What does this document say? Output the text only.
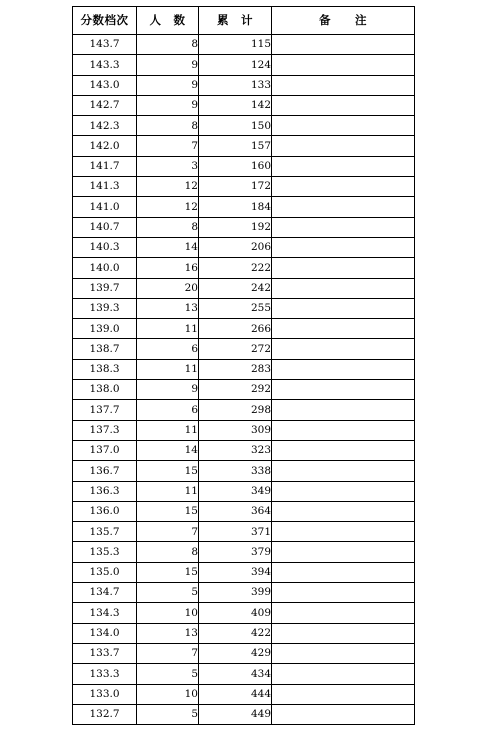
分数档次	人　数	累　计	备　　注
143.7	8	115	
143.3	9	124	
143.0	9	133	
142.7	9	142	
142.3	8	150	
142.0	7	157	
141.7	3	160	
141.3	12	172	
141.0	12	184	
140.7	8	192	
140.3	14	206	
140.0	16	222	
139.7	20	242	
139.3	13	255	
139.0	11	266	
138.7	6	272	
138.3	11	283	
138.0	9	292	
137.7	6	298	
137.3	11	309	
137.0	14	323	
136.7	15	338	
136.3	11	349	
136.0	15	364	
135.7	7	371	
135.3	8	379	
135.0	15	394	
134.7	5	399	
134.3	10	409	
134.0	13	422	
133.7	7	429	
133.3	5	434	
133.0	10	444	
132.7	5	449	
